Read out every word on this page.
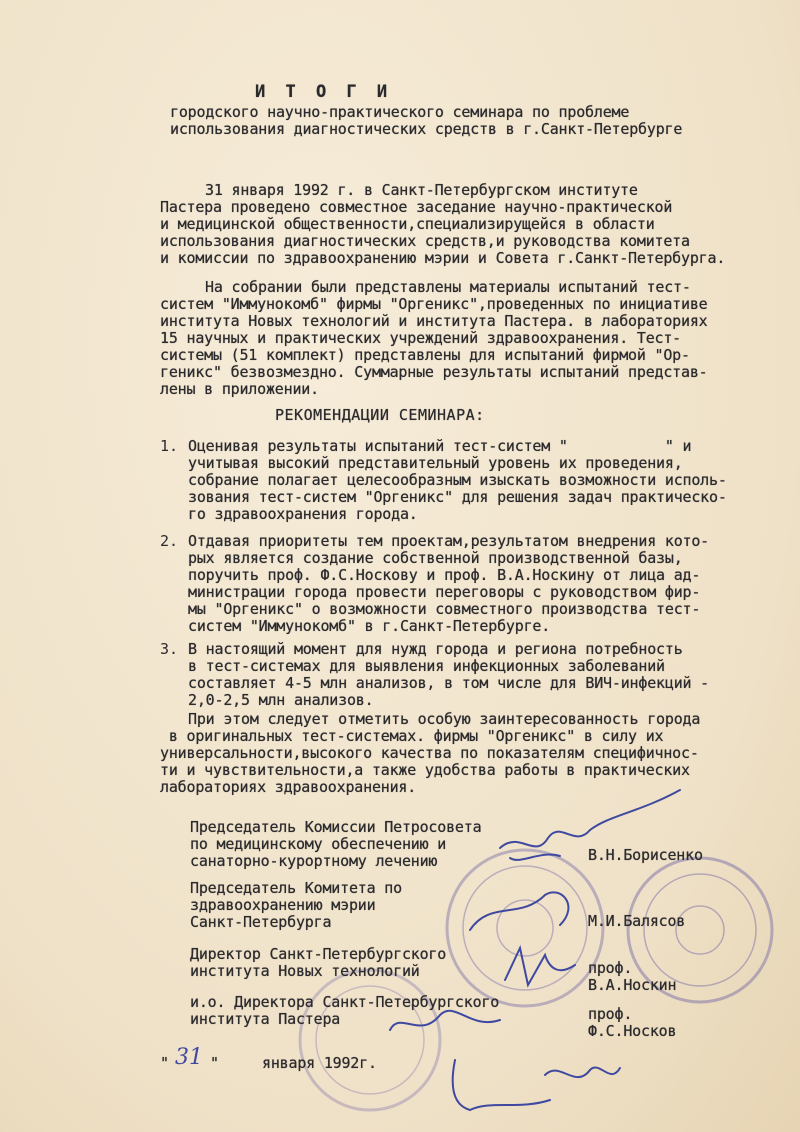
И Т О Г И
городского научно-практического семинара по проблеме
использования диагностических средств в г.Санкт-Петербурге
31 января 1992 г. в Санкт-Петербургском институте
Пастера проведено совместное заседание научно-практической
и медицинской общественности,специализирущейся в области
использования диагностических средств,и руководства комитета
и комиссии по здравоохранению мэрии и Совета г.Санкт-Петербурга.
На собрании были представлены материалы испытаний тест-
систем "Иммунокомб" фирмы "Оргеникс",проведенных по инициативе
института Новых технологий и института Пастера. в лабораториях
15 научных и практических учреждений здравоохранения. Тест-
системы (51 комплект) представлены для испытаний фирмой "Ор-
геникс" безвозмездно. Суммарные результаты испытаний представ-
лены в приложении.
РЕКОМЕНДАЦИИ СЕМИНАРА:
1. Оценивая результаты испытаний тест-систем "           " и
учитывая высокий представительный уровень их проведения,
собрание полагает целесообразным изыскать возможности исполь-
зования тест-систем "Оргеникс" для решения задач практическо-
го здравоохранения города.
2. Отдавая приоритеты тем проектам,результатом внедрения кото-
рых является создание собственной производственной базы,
поручить проф. Ф.С.Носкову и проф. В.А.Носкину от лица ад-
министрации города провести переговоры с руководством фир-
мы "Оргеникс" о возможности совместного производства тест-
систем "Иммунокомб" в г.Санкт-Петербурге.
3. В настоящий момент для нужд города и региона потребность
в тест-системах для выявления инфекционных заболеваний
составляет 4-5 млн анализов, в том числе для ВИЧ-инфекций -
2,0-2,5 млн анализов.
При этом следует отметить особую заинтересованность города
в оригинальных тест-системах. фирмы "Оргеникс" в силу их
универсальности,высокого качества по показателям специфичнос-
ти и чувствительности,а также удобства работы в практических
лабораториях здравоохранения.
Председатель Комиссии Петросовета
по медицинскому обеспечению и
санаторно-курортному лечению	В.Н.Борисенко
Председатель Комитета по
здравоохранению мэрии
Санкт-Петербурга	М.И.Балясов
Директор Санкт-Петербургского
института Новых технологий	проф.
В.А.Носкин
и.о. Директора Санкт-Петербургского
института Пастера	проф.
Ф.С.Носков
" 31 "	января 1992г.
